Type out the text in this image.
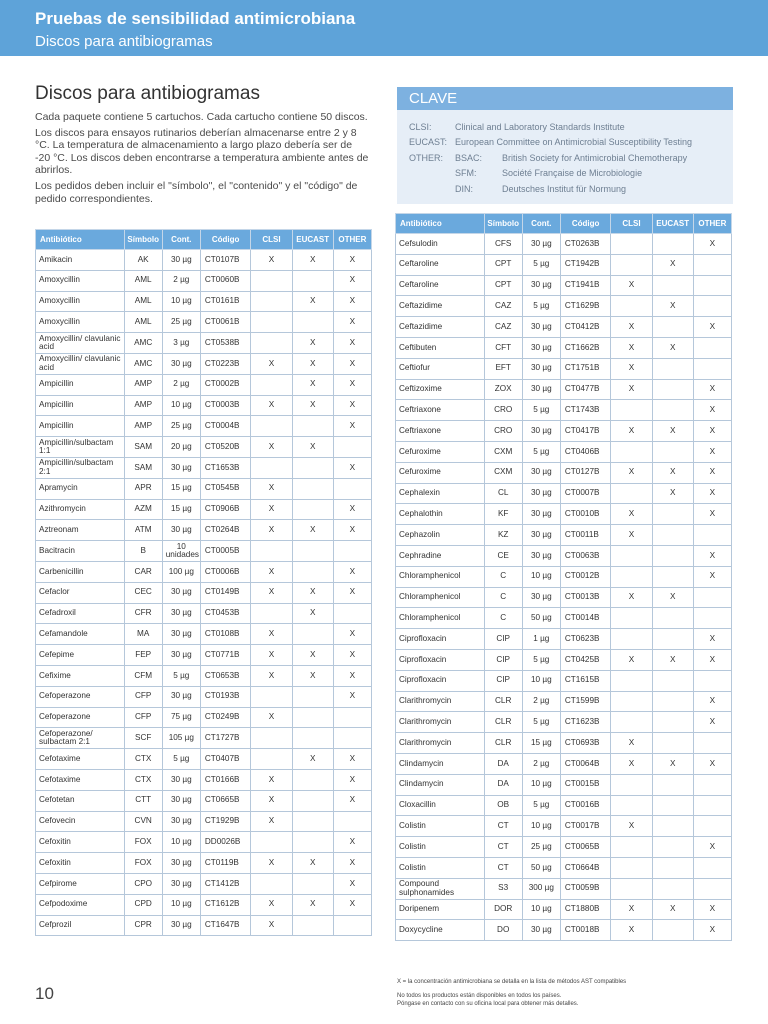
Pruebas de sensibilidad antimicrobiana
Discos para antibiogramas
Discos para antibiogramas

Cada paquete contiene 5 cartuchos. Cada cartucho contiene 50 discos.

Los discos para ensayos rutinarios deberían almacenarse entre 2 y 8 °C. La temperatura de almacenamiento a largo plazo debería ser de -20 °C. Los discos deben encontrarse a temperatura ambiente antes de abrirlos.

Los pedidos deben incluir el "símbolo", el "contenido" y el "código" de pedido correspondientes.

CLAVE
CLSI:	Clinical and Laboratory Standards Institute
EUCAST: European Committee on Antimicrobial Susceptibility Testing
OTHER: BSAC: British Society for Antimicrobial Chemotherapy
SFM:	Société Française de Microbiologie
DIN:	Deutsches Institut für Normung
Antibiótico	Símbolo	Cont.	Código	CLSI	EUCAST	OTHER
Amikacin	AK	30 µg	CT0107B	X	X	X
Amoxycillin	AML	2 µg	CT0060B			X
Amoxycillin	AML	10 µg	CT0161B		X	X
Amoxycillin	AML	25 µg	CT0061B			X
Amoxycillin/ clavulanic acid	AMC	3 µg	CT0538B		X	X
Amoxycillin/ clavulanic acid	AMC	30 µg	CT0223B	X	X	X
Ampicillin	AMP	2 µg	CT0002B		X	X
Ampicillin	AMP	10 µg	CT0003B	X	X	X
Ampicillin	AMP	25 µg	CT0004B			X
Ampicillin/sulbactam 1:1	SAM	20 µg	CT0520B	X	X	
Ampicillin/sulbactam 2:1	SAM	30 µg	CT1653B			X
Apramycin	APR	15 µg	CT0545B	X		
Azithromycin	AZM	15 µg	CT0906B	X		X
Aztreonam	ATM	30 µg	CT0264B	X	X	X
Bacitracin	B	10 unidades	CT0005B			
Carbenicillin	CAR	100 µg	CT0006B	X		X
Cefaclor	CEC	30 µg	CT0149B	X	X	X
Cefadroxil	CFR	30 µg	CT0453B		X	
Cefamandole	MA	30 µg	CT0108B	X		X
Cefepime	FEP	30 µg	CT0771B	X	X	X
Cefixime	CFM	5 µg	CT0653B	X	X	X
Cefoperazone	CFP	30 µg	CT0193B			X
Cefoperazone	CFP	75 µg	CT0249B	X		
Cefoperazone/ sulbactam 2:1	SCF	105 µg	CT1727B			
Cefotaxime	CTX	5 µg	CT0407B		X	X
Cefotaxime	CTX	30 µg	CT0166B	X		X
Cefotetan	CTT	30 µg	CT0665B	X		X
Cefovecin	CVN	30 µg	CT1929B	X		
Cefoxitin	FOX	10 µg	DD0026B			X
Cefoxitin	FOX	30 µg	CT0119B	X	X	X
Cefpirome	CPO	30 µg	CT1412B			X
Cefpodoxime	CPD	10 µg	CT1612B	X	X	X
Cefprozil	CPR	30 µg	CT1647B	X		
Antibiótico	Símbolo	Cont.	Código	CLSI	EUCAST	OTHER
Cefsulodin	CFS	30 µg	CT0263B			X
Ceftaroline	CPT	5 µg	CT1942B		X	
Ceftaroline	CPT	30 µg	CT1941B	X		
Ceftazidime	CAZ	5 µg	CT1629B		X	
Ceftazidime	CAZ	30 µg	CT0412B	X		X
Ceftibuten	CFT	30 µg	CT1662B	X	X	
Ceftiofur	EFT	30 µg	CT1751B	X		
Ceftizoxime	ZOX	30 µg	CT0477B	X		X
Ceftriaxone	CRO	5 µg	CT1743B			X
Ceftriaxone	CRO	30 µg	CT0417B	X	X	X
Cefuroxime	CXM	5 µg	CT0406B			X
Cefuroxime	CXM	30 µg	CT0127B	X	X	X
Cephalexin	CL	30 µg	CT0007B		X	X
Cephalothin	KF	30 µg	CT0010B	X		X
Cephazolin	KZ	30 µg	CT0011B	X		
Cephradine	CE	30 µg	CT0063B			X
Chloramphenicol	C	10 µg	CT0012B			X
Chloramphenicol	C	30 µg	CT0013B	X	X	
Chloramphenicol	C	50 µg	CT0014B			
Ciprofloxacin	CIP	1 µg	CT0623B			X
Ciprofloxacin	CIP	5 µg	CT0425B	X	X	X
Ciprofloxacin	CIP	10 µg	CT1615B			
Clarithromycin	CLR	2 µg	CT1599B			X
Clarithromycin	CLR	5 µg	CT1623B			X
Clarithromycin	CLR	15 µg	CT0693B	X		
Clindamycin	DA	2 µg	CT0064B	X	X	X
Clindamycin	DA	10 µg	CT0015B			
Cloxacillin	OB	5 µg	CT0016B			
Colistin	CT	10 µg	CT0017B	X		
Colistin	CT	25 µg	CT0065B			X
Colistin	CT	50 µg	CT0664B			
Compound sulphonamides	S3	300 µg	CT0059B			
Doripenem	DOR	10 µg	CT1880B	X	X	X
Doxycycline	DO	30 µg	CT0018B	X		X
10
X = la concentración antimicrobiana se detalla en la lista de métodos AST compatibles
No todos los productos están disponibles en todos los países.
Póngase en contacto con su oficina local para obtener más detalles.
